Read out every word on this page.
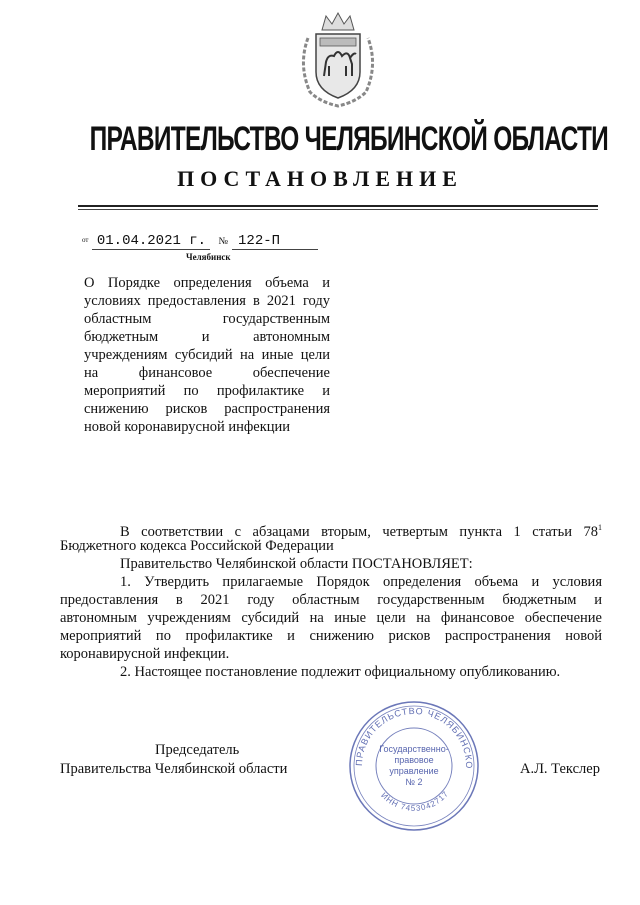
ПРАВИТЕЛЬСТВО ЧЕЛЯБИНСКОЙ ОБЛАСТИ
ПОСТАНОВЛЕНИЕ
от 01.04.2021 г. № 122-П
Челябинск
О Порядке определения объема и
условиях предоставления в 2021 году
областным государственным
бюджетным и автономным
учреждениям субсидий на иные цели
на финансовое обеспечение
мероприятий по профилактике и
снижению рисков распространения
новой коронавирусной инфекции
В соответствии с абзацами вторым, четвертым пункта 1 статьи $78^1$
Бюджетного кодекса Российской Федерации
Правительство Челябинской области ПОСТАНОВЛЯЕТ:
1. Утвердить прилагаемые Порядок определения объема и условия
предоставления в 2021 году областным государственным бюджетным и
автономным учреждениям субсидий на иные цели на финансовое обеспечение
мероприятий по профилактике и снижению рисков распространения новой
коронавирусной инфекции.
2. Настоящее постановление подлежит официальному опубликованию.
Председатель
Правительства Челябинской области	А.Л. Текслер
ПРАВИТЕЛЬСТВО ЧЕЛЯБИНСКО
ИНН 7453042717
Государственно-
правовое
управление
№ 2
